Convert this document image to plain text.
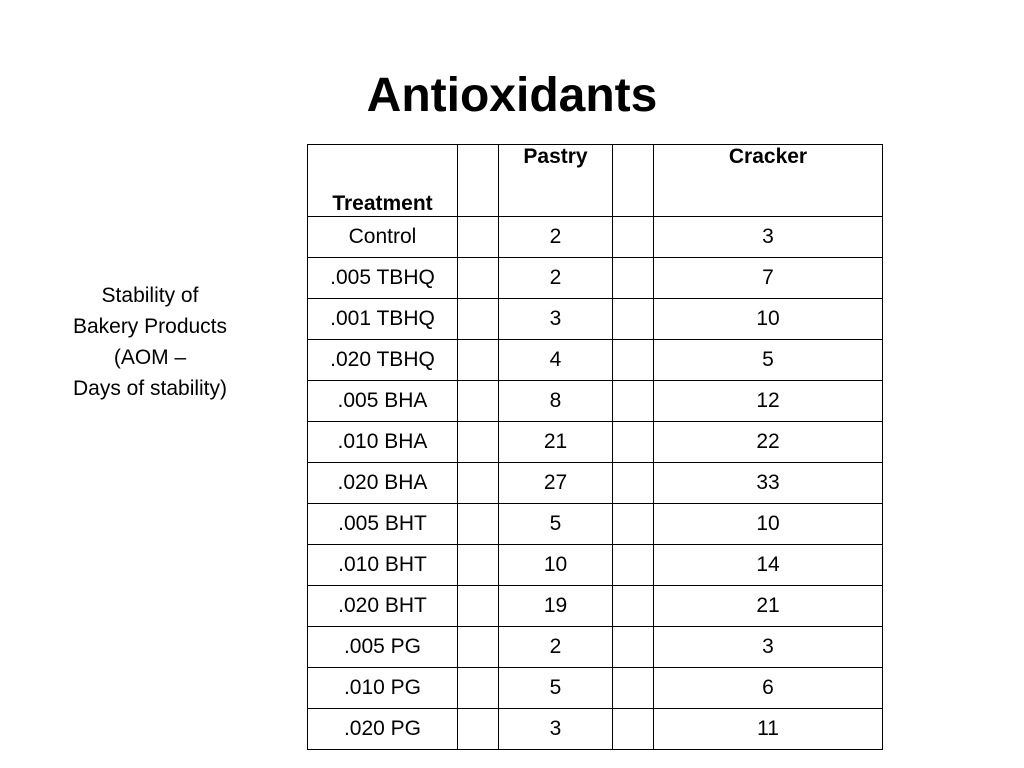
Antioxidants
Stability of
Bakery Products
(AOM –
Days of stability)
Treatment		Pastry		Cracker
Control		2		3
.005 TBHQ		2		7
.001 TBHQ		3		10
.020 TBHQ		4		5
.005 BHA		8		12
.010 BHA		21		22
.020 BHA		27		33
.005 BHT		5		10
.010 BHT		10		14
.020 BHT		19		21
.005 PG		2		3
.010 PG		5		6
.020 PG		3		11
